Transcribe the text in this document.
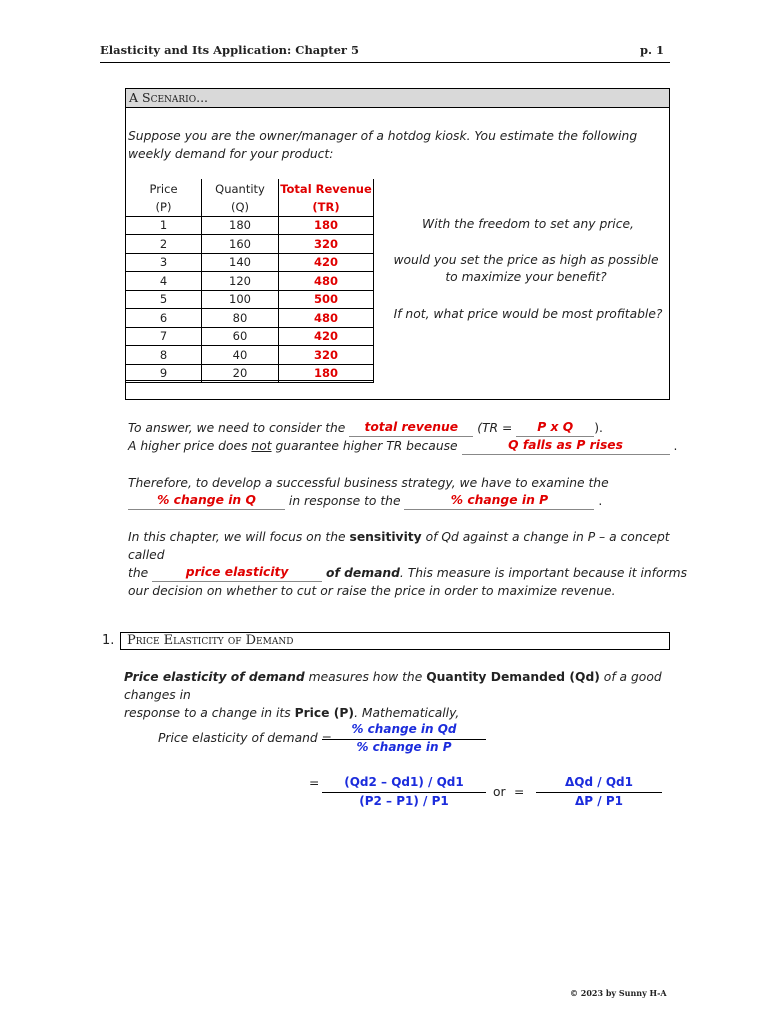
Elasticity and Its Application: Chapter 5	p. 1
A Scenario...
Suppose you are the owner/manager of a hotdog kiosk. You estimate the following weekly demand for your product:
Price	Quantity	Total Revenue
(P)	(Q)	(TR)
1	180	180
2	160	320
3	140	420
4	120	480
5	100	500
6	80	480
7	60	420
8	40	320
9	20	180
With the freedom to set any price,
would you set the price as high as possible to maximize your benefit?
If not, what price would be most profitable?
To answer, we need to consider the total revenue (TR = P x Q ).
A higher price does not guarantee higher TR because	Q falls as P rises	.
Therefore, to develop a successful business strategy, we have to examine the
% change in Q	in response to the	% change in P	.
In this chapter, we will focus on the sensitivity of Qd against a change in P – a concept called
the	price elasticity	of demand. This measure is important because it informs
our decision on whether to cut or raise the price in order to maximize revenue.
1. Price Elasticity of Demand
Price elasticity of demand measures how the Quantity Demanded (Qd) of a good changes in
response to a change in its Price (P). Mathematically,
Price elasticity of demand =
% change in Qd
% change in P
=	(Qd2 – Qd1) / Qd1
(P2 – P1) / P1
or =
ΔQd / Qd1
ΔP / P1
© 2023 by Sunny H-A
